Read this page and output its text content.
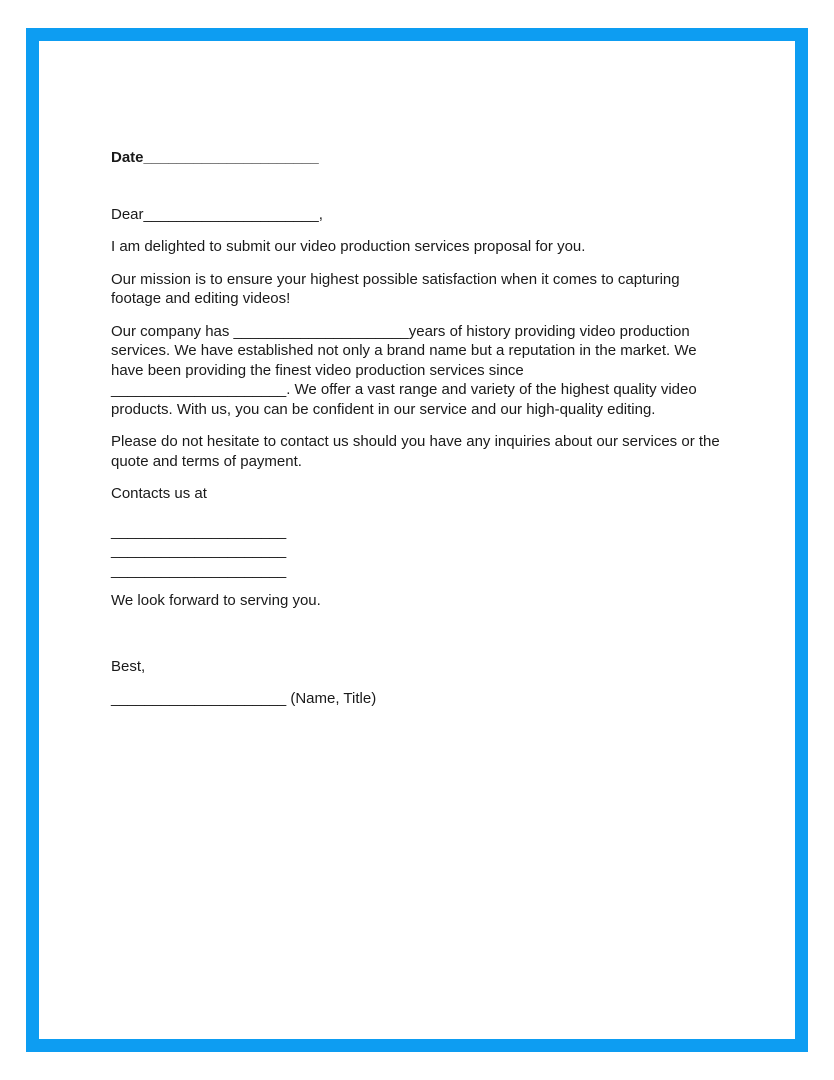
Date_____________________

Dear_____________________,

I am delighted to submit our video production services proposal for you.

Our mission is to ensure your highest possible satisfaction when it comes to capturing footage and editing videos!

Our company has _____________________years of history providing video production services. We have established not only a brand name but a reputation in the market. We have been providing the finest video production services since
_____________________. We offer a vast range and variety of the highest quality video products. With us, you can be confident in our service and our high-quality editing.

Please do not hesitate to contact us should you have any inquiries about our services or the quote and terms of payment.

Contacts us at

_____________________

_____________________

_____________________

We look forward to serving you.

Best,

_____________________ (Name, Title)
